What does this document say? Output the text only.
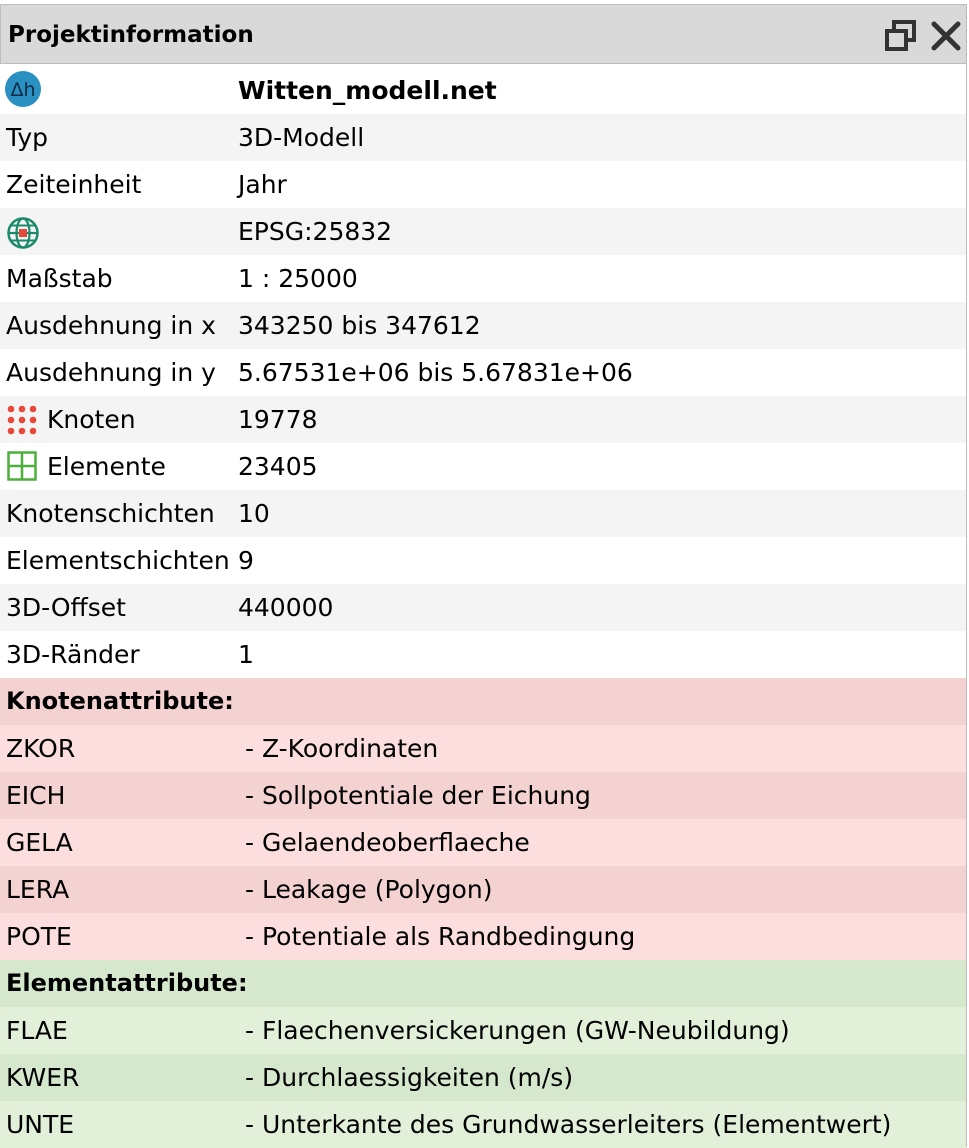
Projektinformation
Δh	Witten_modell.net
Typ	3D-Modell
Zeiteinheit	Jahr
EPSG:25832
Maßstab	1 : 25000
Ausdehnung in x 343250 bis 347612
Ausdehnung in y 5.67531e+06 bis 5.67831e+06
Knoten	19778
Elemente	23405
Knotenschichten 10
Elementschichten 9
3D-Offset	440000
3D-Ränder	1
Knotenattribute:
ZKOR	- Z-Koordinaten
EICH	- Sollpotentiale der Eichung
GELA	- Gelaendeoberflaeche
LERA	- Leakage (Polygon)
POTE	- Potentiale als Randbedingung
Elementattribute:
FLAE	- Flaechenversickerungen (GW-Neubildung)
KWER	- Durchlaessigkeiten (m/s)
UNTE	- Unterkante des Grundwasserleiters (Elementwert)
